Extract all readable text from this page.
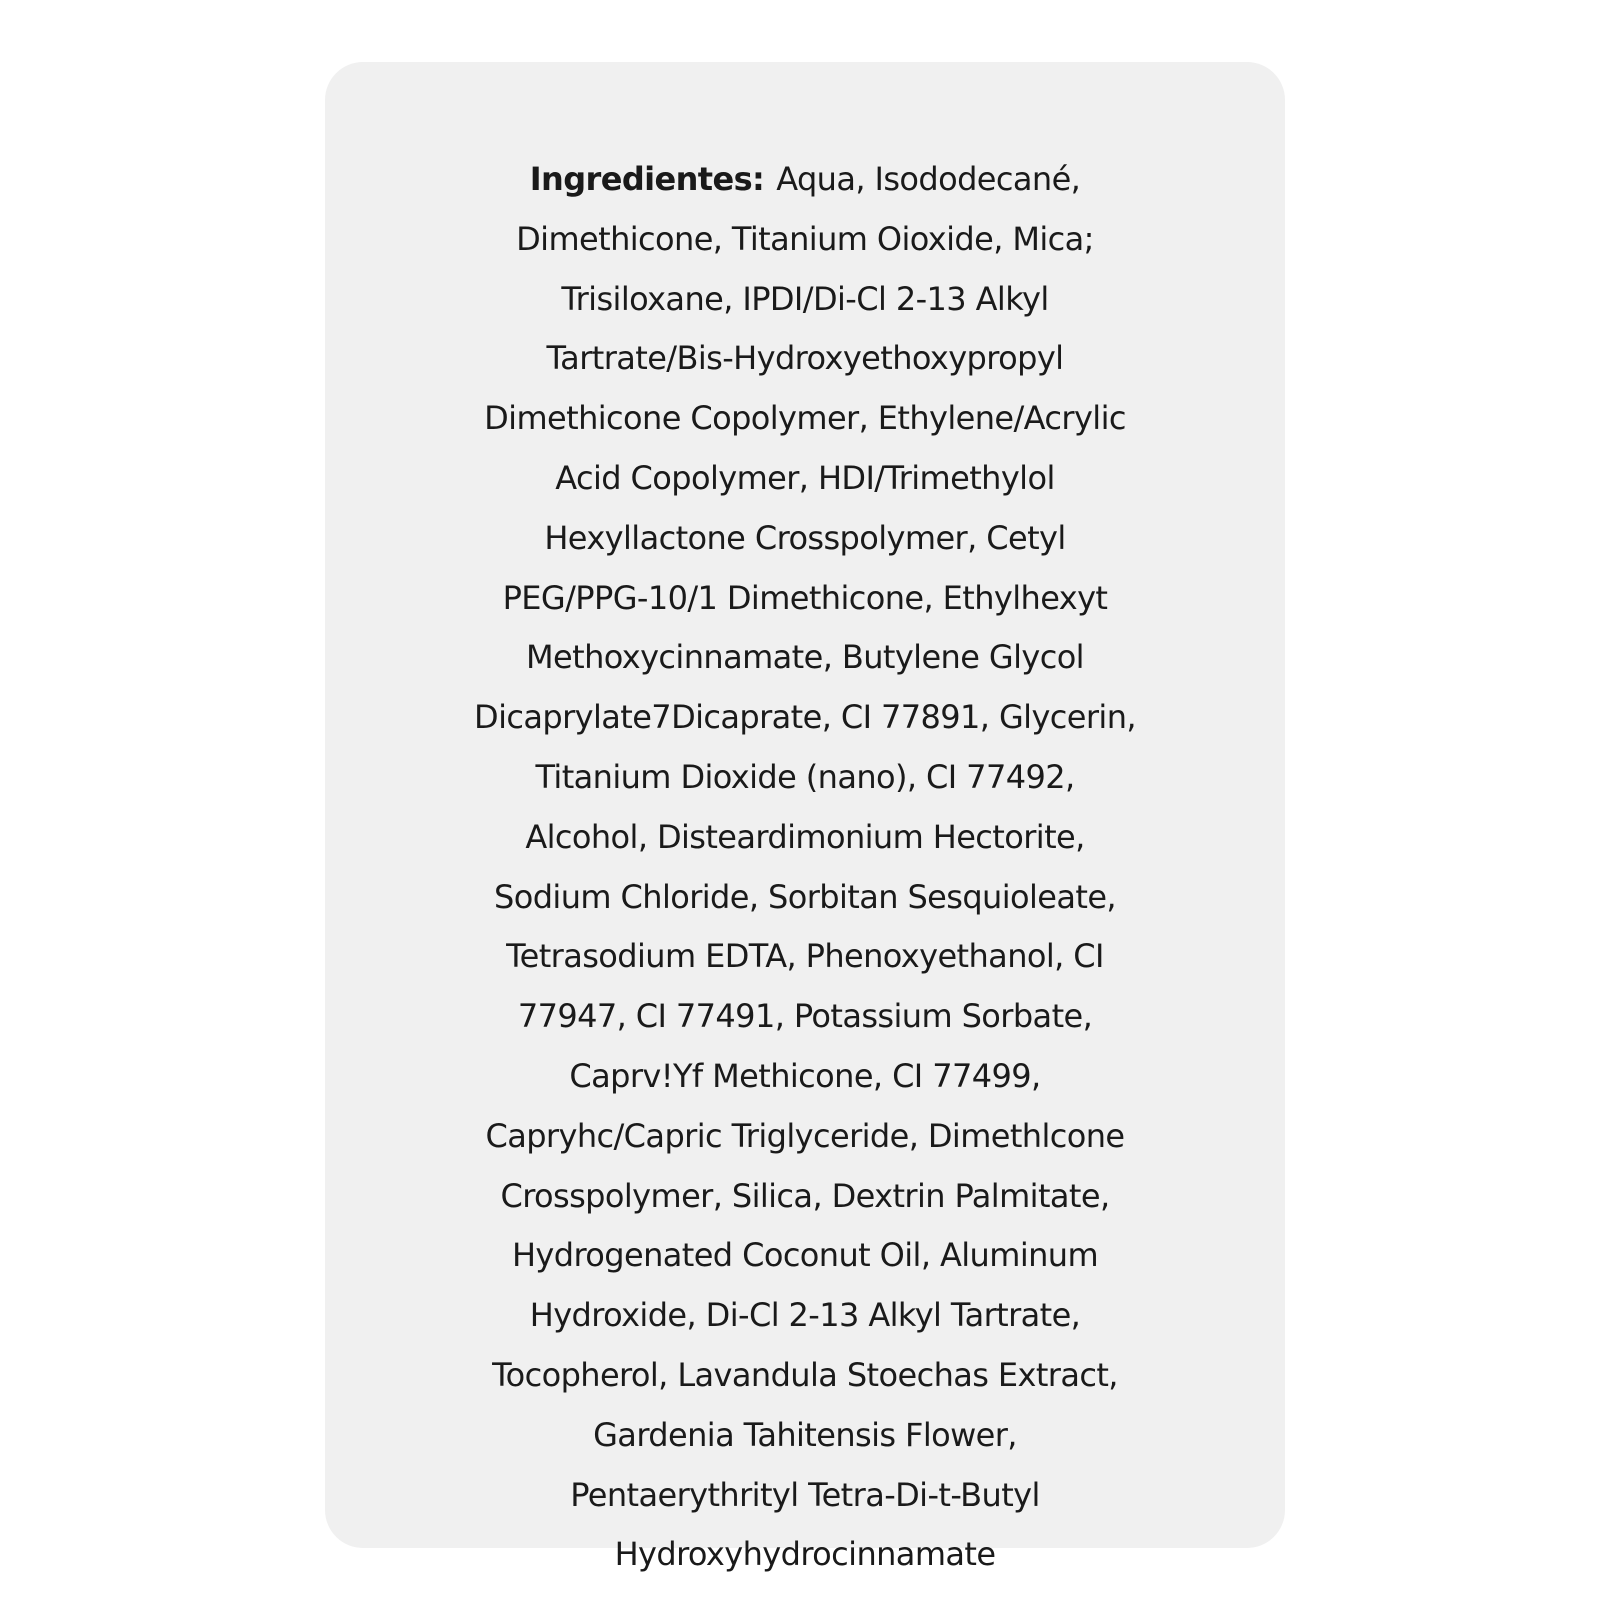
Ingredientes: Aqua, Isododecané,
Dimethicone, Titanium Oioxide, Mica;
Trisiloxane, IPDI/Di-Cl 2-13 Alkyl
Tartrate/Bis-Hydroxyethoxypropyl
Dimethicone Copolymer, Ethylene/Acrylic
Acid Copolymer, HDI/Trimethylol
Hexyllactone Crosspolymer, Cetyl
PEG/PPG-10/1 Dimethicone, Ethylhexyt
Methoxycinnamate, Butylene Glycol
Dicaprylate7Dicaprate, CI 77891, Glycerin,
Titanium Dioxide (nano), CI 77492,
Alcohol, Disteardimonium Hectorite,
Sodium Chloride, Sorbitan Sesquioleate,
Tetrasodium EDTA, Phenoxyethanol, CI
77947, CI 77491, Potassium Sorbate,
Caprv!Yf Methicone, CI 77499,
Capryhc/Capric Triglyceride, Dimethlcone
Crosspolymer, Silica, Dextrin Palmitate,
Hydrogenated Coconut Oil, Aluminum
Hydroxide, Di-Cl 2-13 Alkyl Tartrate,
Tocopherol, Lavandula Stoechas Extract,
Gardenia Tahitensis Flower,
Pentaerythrityl Tetra-Di-t-Butyl
Hydroxyhydrocinnamate
